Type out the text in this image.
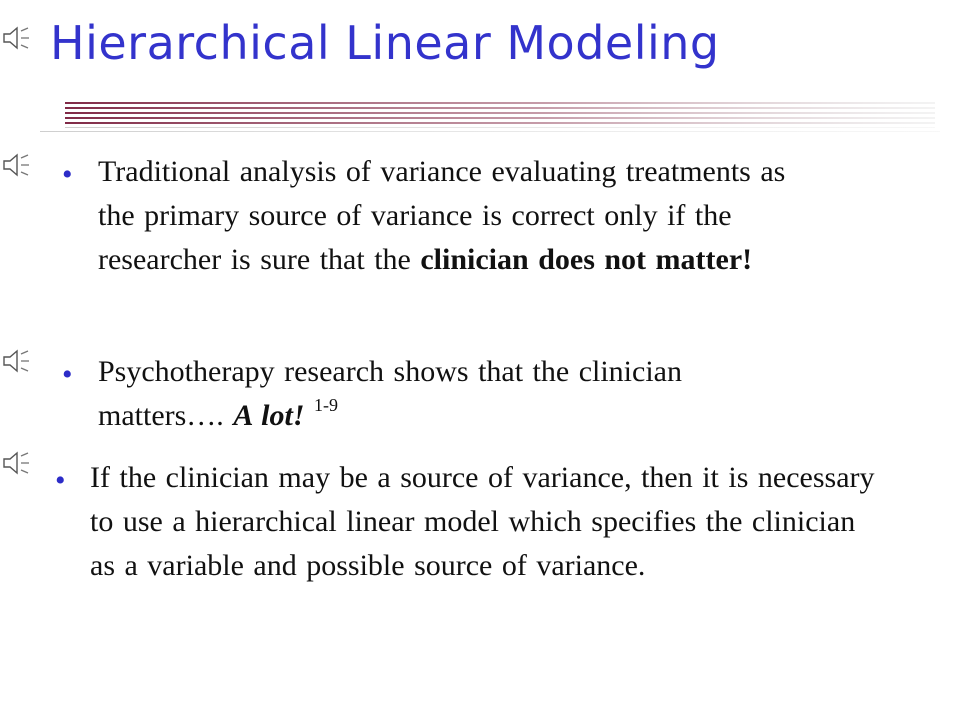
Hierarchical Linear Modeling
• Traditional analysis of variance evaluating treatments as the primary source of variance is correct only if the researcher is sure that the clinician does not matter!
• Psychotherapy research shows that the clinician matters…. A lot! $^{1-9}$
• If the clinician may be a source of variance, then it is necessary to use a hierarchical linear model which specifies the clinician as a variable and possible source of variance.
